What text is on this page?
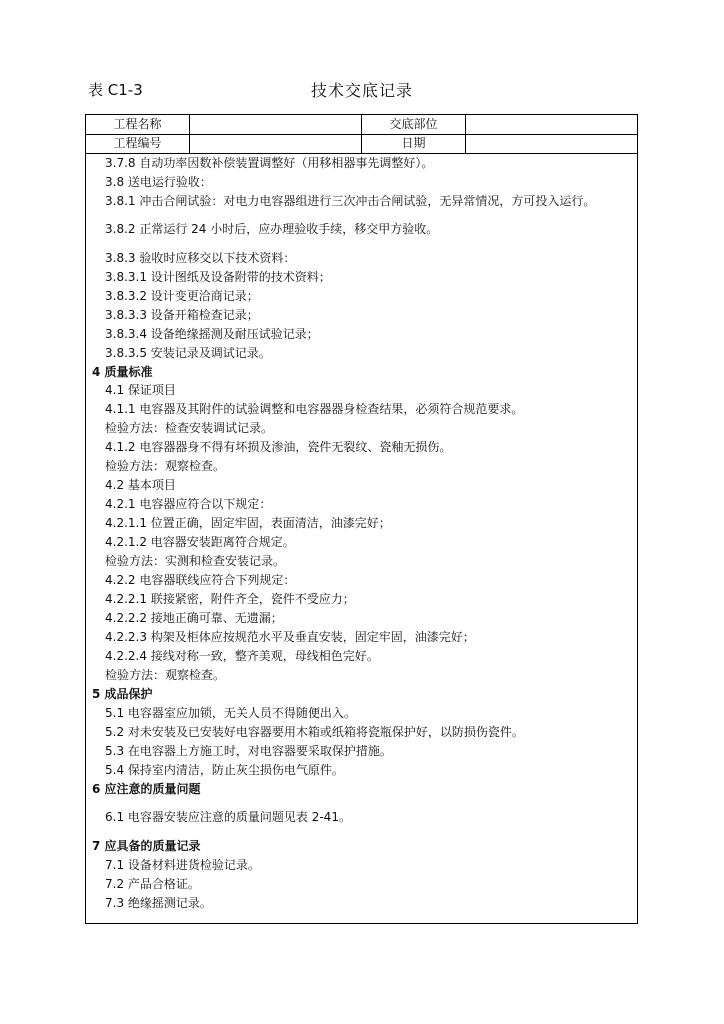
表 C1-3	技术交底记录
工程名称	交底部位
工程编号	日期
3.7.8 自动功率因数补偿装置调整好（用移相器事先调整好）。
3.8 送电运行验收：
3.8.1 冲击合闸试验：对电力电容器组进行三次冲击合闸试验，无异常情况，方可投入运行。
3.8.2 正常运行 24 小时后，应办理验收手续，移交甲方验收。
3.8.3 验收时应移交以下技术资料：
3.8.3.1 设计图纸及设备附带的技术资料；
3.8.3.2 设计变更洽商记录；
3.8.3.3 设备开箱检查记录；
3.8.3.4 设备绝缘摇测及耐压试验记录；
3.8.3.5 安装记录及调试记录。
4 质量标准
4.1 保证项目
4.1.1 电容器及其附件的试验调整和电容器器身检查结果，必须符合规范要求。
检验方法：检查安装调试记录。
4.1.2 电容器器身不得有坏损及渗油，瓷件无裂纹、瓷釉无损伤。
检验方法：观察检查。
4.2 基本项目
4.2.1 电容器应符合以下规定：
4.2.1.1 位置正确，固定牢固，表面清洁，油漆完好；
4.2.1.2 电容器安装距离符合规定。
检验方法：实测和检查安装记录。
4.2.2 电容器联线应符合下列规定：
4.2.2.1 联接紧密，附件齐全，瓷件不受应力；
4.2.2.2 接地正确可靠、无遗漏；
4.2.2.3 构架及柜体应按规范水平及垂直安装，固定牢固，油漆完好；
4.2.2.4 接线对称一致，整齐美观，母线相色完好。
检验方法：观察检查。
5 成品保护
5.1 电容器室应加锁，无关人员不得随便出入。
5.2 对未安装及已安装好电容器要用木箱或纸箱将瓷瓶保护好，以防损伤瓷件。
5.3 在电容器上方施工时，对电容器要采取保护措施。
5.4 保持室内清洁，防止灰尘损伤电气原件。
6 应注意的质量问题
6.1 电容器安装应注意的质量问题见表 2-41。
7 应具备的质量记录
7.1 设备材料进货检验记录。
7.2 产品合格证。
7.3 绝缘摇测记录。
